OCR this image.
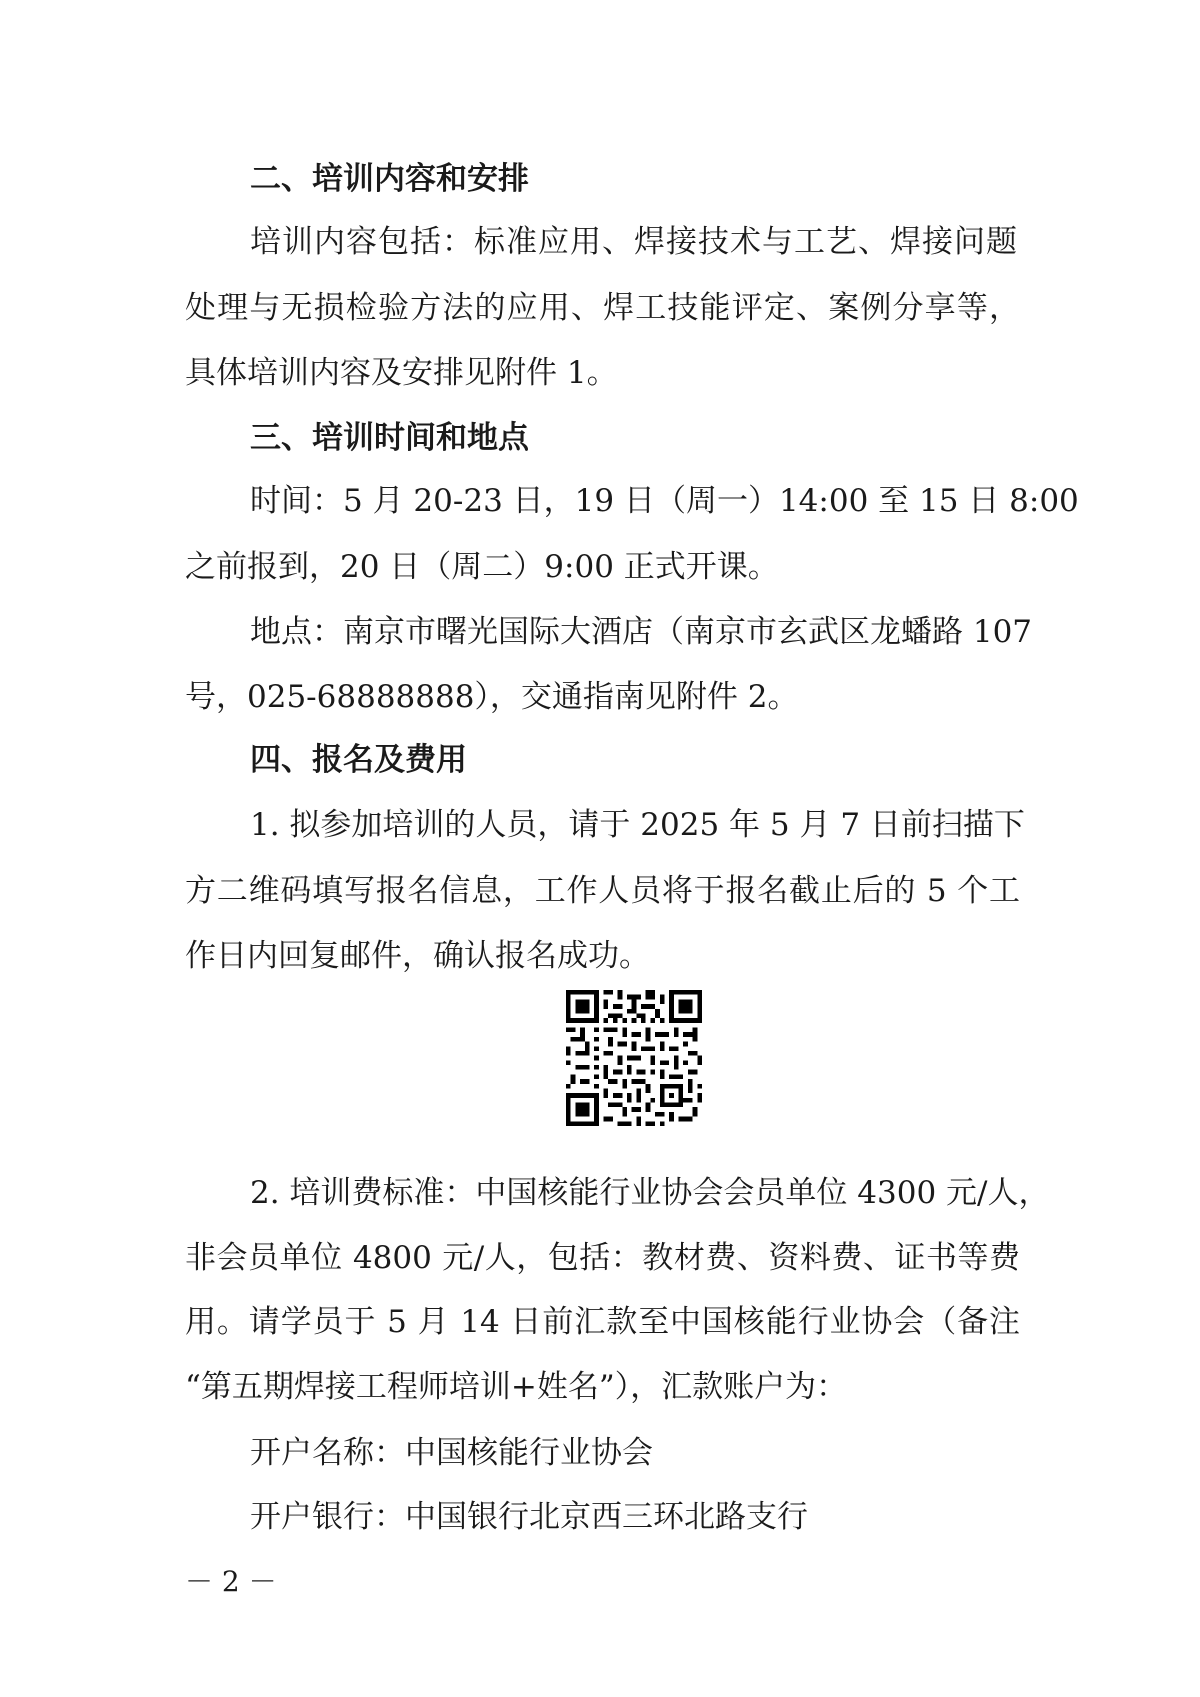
二、培训内容和安排
培训内容包括：标准应用、焊接技术与工艺、焊接问题
处理与无损检验方法的应用、焊工技能评定、案例分享等，
具体培训内容及安排见附件 1。
三、培训时间和地点
时间：5 月 20-23 日，19 日（周一）14:00 至 15 日 8:00
之前报到，20 日（周二）9:00 正式开课。
地点：南京市曙光国际大酒店（南京市玄武区龙蟠路 107
号，025-68888888），交通指南见附件 2。
四、报名及费用
1. 拟参加培训的人员，请于 2025 年 5 月 7 日前扫描下
方二维码填写报名信息，工作人员将于报名截止后的 5 个工
作日内回复邮件，确认报名成功。
2. 培训费标准：中国核能行业协会会员单位 4300 元/人，
非会员单位 4800 元/人，包括：教材费、资料费、证书等费
用。请学员于 5 月 14 日前汇款至中国核能行业协会（备注
“第五期焊接工程师培训+姓名”），汇款账户为：
开户名称：中国核能行业协会
开户银行：中国银行北京西三环北路支行
－ 2 －
